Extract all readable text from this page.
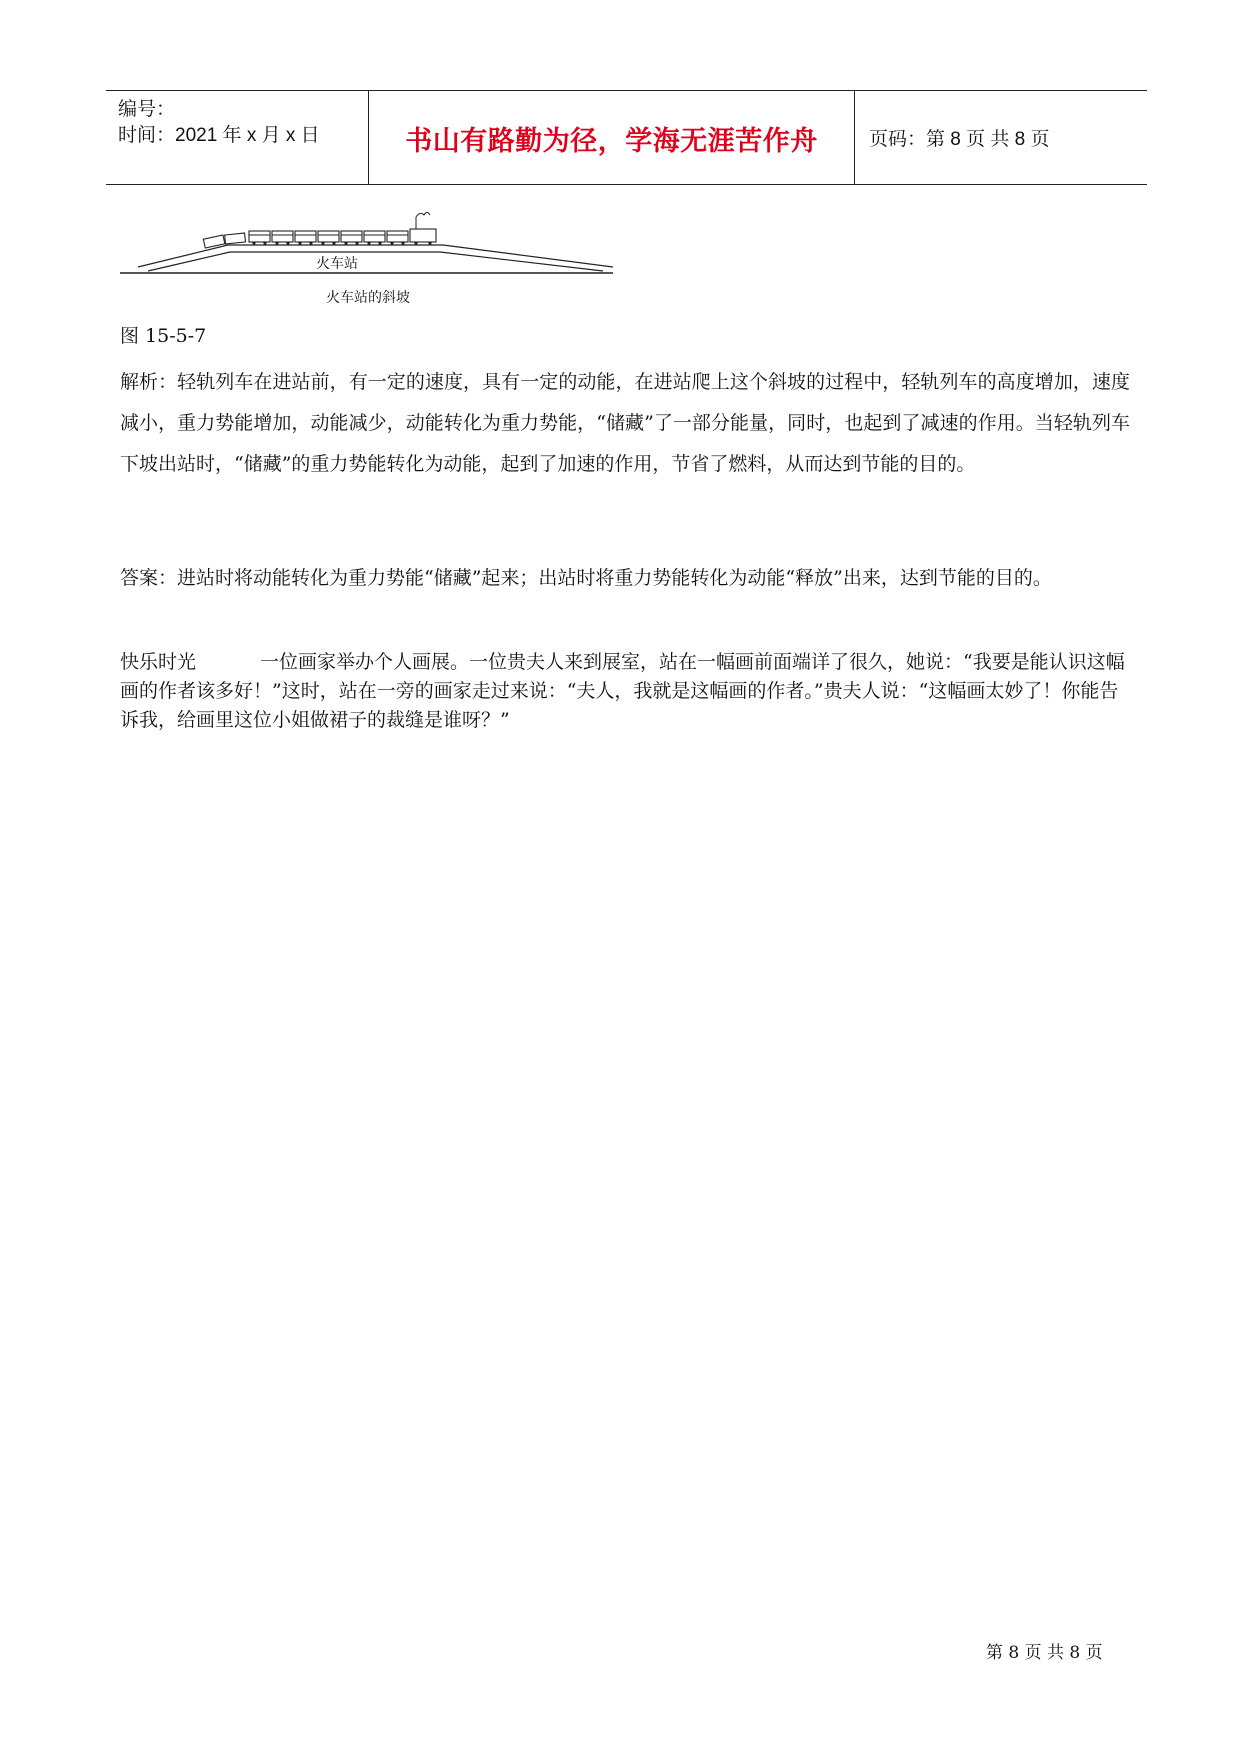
编号：
时间：2021 年 x 月 x 日	书山有路勤为径，学海无涯苦作舟	页码：第 8 页 共 8 页
火车站
火车站的斜坡
图 15-5-7
解析：轻轨列车在进站前，有一定的速度，具有一定的动能，在进站爬上这个斜坡的过程中，轻轨列车的高度增加，速度减小，重力势能增加，动能减少，动能转化为重力势能，“储藏”了一部分能量，同时，也起到了减速的作用。当轻轨列车下坡出站时，“储藏”的重力势能转化为动能，起到了加速的作用，节省了燃料，从而达到节能的目的。
答案：进站时将动能转化为重力势能“储藏”起来；出站时将重力势能转化为动能“释放”出来，达到节能的目的。
快乐时光	一位画家举办个人画展。一位贵夫人来到展室，站在一幅画前面端详了很久，她说：“我要是能认识这幅画的作者该多好！”这时，站在一旁的画家走过来说：“夫人，我就是这幅画的作者。”贵夫人说：“这幅画太妙了！你能告诉我，给画里这位小姐做裙子的裁缝是谁呀？”
第 8 页 共 8 页
